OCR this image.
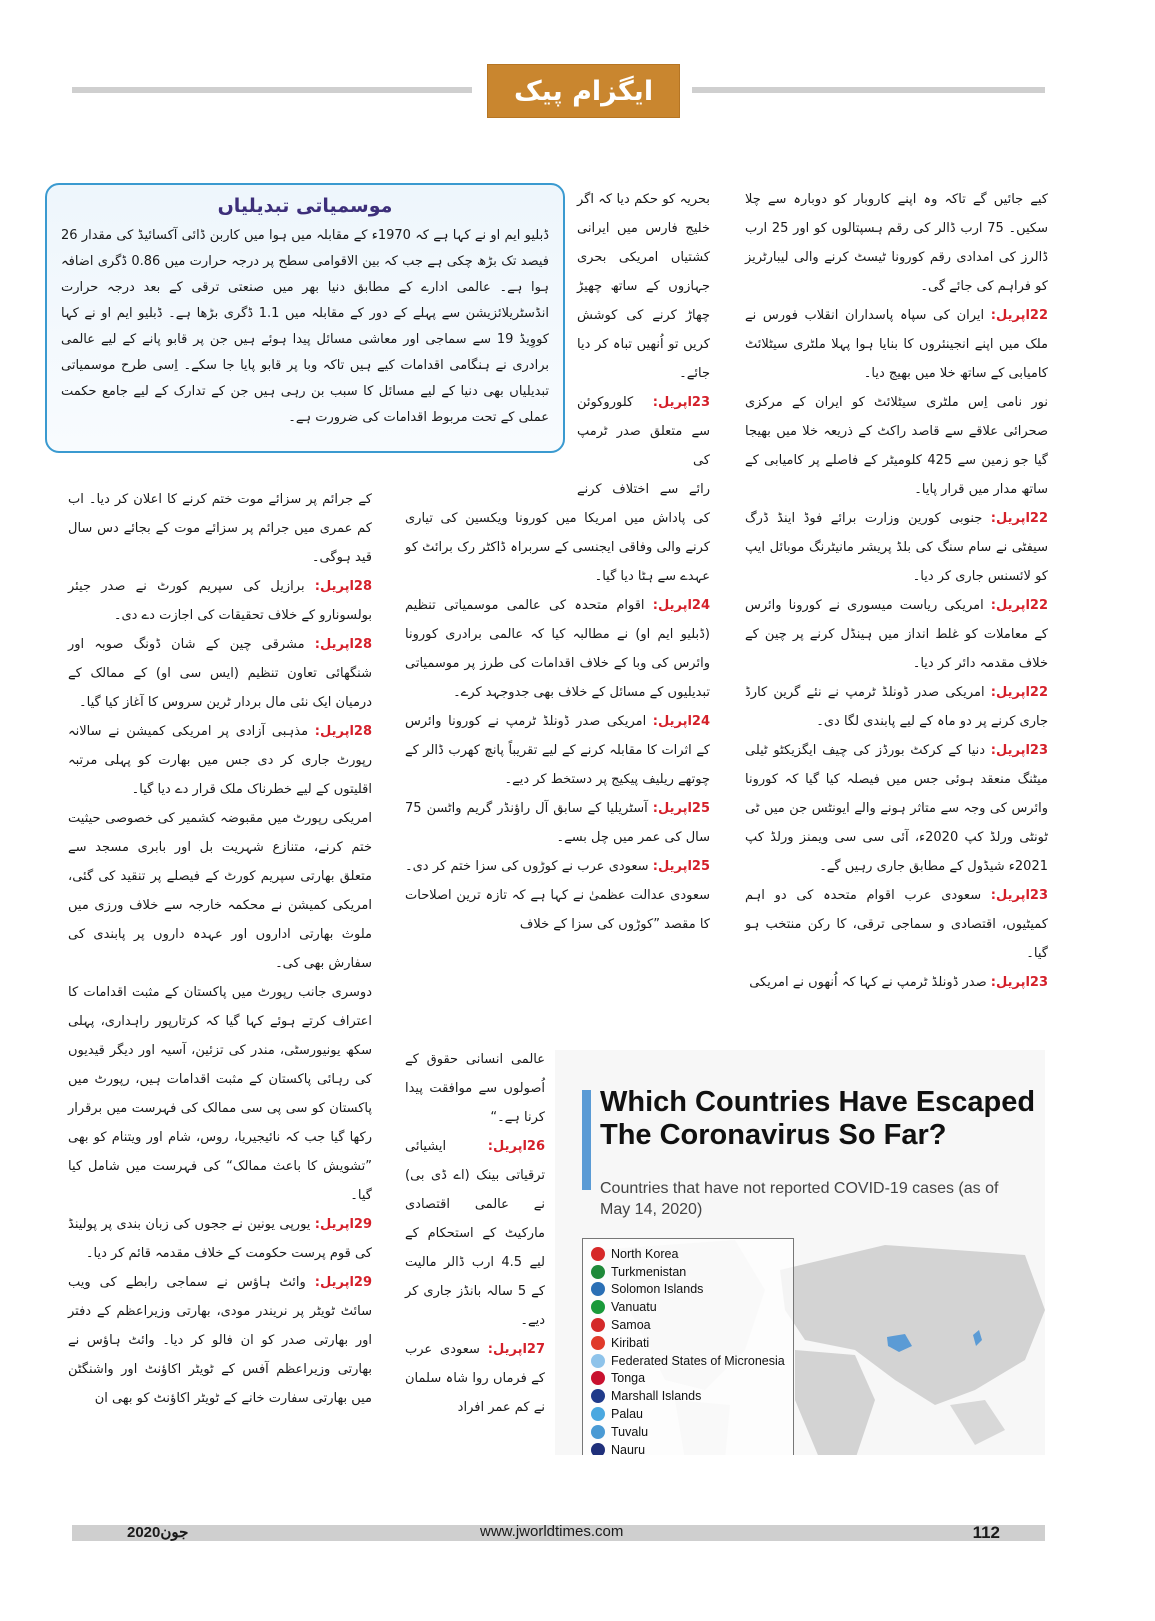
ایگزام پیک

کیے جائیں گے تاکہ وہ اپنے کاروبار کو دوبارہ سے چلا سکیں۔ 75 ارب ڈالر کی رقم ہسپتالوں کو اور 25 ارب ڈالرز کی امدادی رقم کورونا ٹیسٹ کرنے والی لیبارٹریز کو فراہم کی جائے گی۔

22اپریل: ایران کی سپاہ پاسداران انقلاب فورس نے ملک میں اپنے انجینئروں کا بنایا ہوا پہلا ملٹری سیٹلائٹ کامیابی کے ساتھ خلا میں بھیج دیا۔

نور نامی اِس ملٹری سیٹلائٹ کو ایران کے مرکزی صحرائی علاقے سے قاصد راکٹ کے ذریعہ خلا میں بھیجا گیا جو زمین سے 425 کلومیٹر کے فاصلے پر کامیابی کے ساتھ مدار میں قرار پایا۔

22اپریل: جنوبی کورین وزارت برائے فوڈ اینڈ ڈرگ سیفٹی نے سام سنگ کی بلڈ پریشر مانیٹرنگ موبائل ایپ کو لائسنس جاری کر دیا۔

22اپریل: امریکی ریاست میسوری نے کورونا وائرس کے معاملات کو غلط انداز میں ہینڈل کرنے پر چین کے خلاف مقدمہ دائر کر دیا۔

22اپریل: امریکی صدر ڈونلڈ ٹرمپ نے نئے گرین کارڈ جاری کرنے پر دو ماہ کے لیے پابندی لگا دی۔

23اپریل: دنیا کے کرکٹ بورڈز کی چیف ایگزیکٹو ٹیلی میٹنگ منعقد ہوئی جس میں فیصلہ کیا گیا کہ کورونا وائرس کی وجہ سے متاثر ہونے والے ایونٹس جن میں ٹی ٹونٹی ورلڈ کپ 2020ء، آئی سی سی ویمنز ورلڈ کپ 2021ء شیڈول کے مطابق جاری رہیں گے۔

23اپریل: سعودی عرب اقوام متحدہ کی دو اہم کمیٹیوں، اقتصادی و سماجی ترقی، کا رکن منتخب ہو گیا۔

23اپریل: صدر ڈونلڈ ٹرمپ نے کہا کہ اُنھوں نے امریکی

بحریہ کو حکم دیا کہ اگر خلیج فارس میں ایرانی کشتیاں امریکی بحری جہازوں کے ساتھ چھیڑ چھاڑ کرنے کی کوشش کریں تو اُنھیں تباہ کر دیا جائے۔

23اپریل: کلوروکوئن سے متعلق صدر ٹرمپ کی

رائے سے اختلاف کرنے کی پاداش میں امریکا میں کورونا ویکسین کی تیاری کرنے والی وفاقی ایجنسی کے سربراہ ڈاکٹر رک برائٹ کو عہدے سے ہٹا دیا گیا۔

24اپریل: اقوام متحدہ کی عالمی موسمیاتی تنظیم (ڈبلیو ایم او) نے مطالبہ کیا کہ عالمی برادری کورونا وائرس کی وبا کے خلاف اقدامات کی طرز پر موسمیاتی تبدیلیوں کے مسائل کے خلاف بھی جدوجہد کرے۔

24اپریل: امریکی صدر ڈونلڈ ٹرمپ نے کورونا وائرس کے اثرات کا مقابلہ کرنے کے لیے تقریباً پانچ کھرب ڈالر کے چوتھے ریلیف پیکیج پر دستخط کر دیے۔

25اپریل: آسٹریلیا کے سابق آل راؤنڈر گریم واٹسن 75 سال کی عمر میں چل بسے۔

25اپریل: سعودی عرب نے کوڑوں کی سزا ختم کر دی۔ سعودی عدالت عظمیٰ نے کہا ہے کہ تازہ ترین اصلاحات کا مقصد ”کوڑوں کی سزا کے خلاف

عالمی انسانی حقوق کے اُصولوں سے موافقت پیدا کرنا ہے۔“

26اپریل: ایشیائی ترقیاتی بینک (اے ڈی بی) نے عالمی اقتصادی مارکیٹ کے استحکام کے لیے 4.5 ارب ڈالر مالیت کے 5 سالہ بانڈز جاری کر دیے۔

27اپریل: سعودی عرب کے فرماں روا شاہ سلمان نے کم عمر افراد

کے جرائم پر سزائے موت ختم کرنے کا اعلان کر دیا۔ اب کم عمری میں جرائم پر سزائے موت کے بجائے دس سال قید ہوگی۔

28اپریل: برازیل کی سپریم کورٹ نے صدر جیئر بولسونارو کے خلاف تحقیقات کی اجازت دے دی۔

28اپریل: مشرقی چین کے شان ڈونگ صوبہ اور شنگھائی تعاون تنظیم (ایس سی او) کے ممالک کے درمیان ایک نئی مال بردار ٹرین سروس کا آغاز کیا گیا۔

28اپریل: مذہبی آزادی پر امریکی کمیشن نے سالانہ رپورٹ جاری کر دی جس میں بھارت کو پہلی مرتبہ اقلیتوں کے لیے خطرناک ملک قرار دے دیا گیا۔

امریکی رپورٹ میں مقبوضہ کشمیر کی خصوصی حیثیت ختم کرنے، متنازع شہریت بل اور بابری مسجد سے متعلق بھارتی سپریم کورٹ کے فیصلے پر تنقید کی گئی، امریکی کمیشن نے محکمہ خارجہ سے خلاف ورزی میں ملوث بھارتی اداروں اور عہدہ داروں پر پابندی کی سفارش بھی کی۔

دوسری جانب رپورٹ میں پاکستان کے مثبت اقدامات کا اعتراف کرتے ہوئے کہا گیا کہ کرتارپور راہداری، پہلی سکھ یونیورسٹی، مندر کی تزئین، آسیہ اور دیگر قیدیوں کی رہائی پاکستان کے مثبت اقدامات ہیں، رپورٹ میں پاکستان کو سی پی سی ممالک کی فہرست میں برقرار رکھا گیا جب کہ نائیجیریا، روس، شام اور ویتنام کو بھی ”تشویش کا باعث ممالک“ کی فہرست میں شامل کیا گیا۔

29اپریل: یورپی یونین نے ججوں کی زبان بندی پر پولینڈ کی قوم پرست حکومت کے خلاف مقدمہ قائم کر دیا۔

29اپریل: وائٹ ہاؤس نے سماجی رابطے کی ویب سائٹ ٹویٹر پر نریندر مودی، بھارتی وزیراعظم کے دفتر اور بھارتی صدر کو ان فالو کر دیا۔ وائٹ ہاؤس نے بھارتی وزیراعظم آفس کے ٹویٹر اکاؤنٹ اور واشنگٹن میں بھارتی سفارت خانے کے ٹویٹر اکاؤنٹ کو بھی ان

موسمیاتی تبدیلیاں

ڈبلیو ایم او نے کہا ہے کہ 1970ء کے مقابلہ میں ہوا میں کاربن ڈائی آکسائیڈ کی مقدار 26 فیصد تک بڑھ چکی ہے جب کہ بین الاقوامی سطح پر درجہ حرارت میں 0.86 ڈگری اضافہ ہوا ہے۔ عالمی ادارے کے مطابق دنیا بھر میں صنعتی ترقی کے بعد درجہ حرارت انڈسٹریلائزیشن سے پہلے کے دور کے مقابلہ میں 1.1 ڈگری بڑھا ہے۔ ڈبلیو ایم او نے کہا کووِیڈ 19 سے سماجی اور معاشی مسائل پیدا ہوئے ہیں جن پر قابو پانے کے لیے عالمی برادری نے ہنگامی اقدامات کیے ہیں تاکہ وبا پر قابو پایا جا سکے۔ اِسی طرح موسمیاتی تبدیلیاں بھی دنیا کے لیے مسائل کا سبب بن رہی ہیں جن کے تدارک کے لیے جامع حکمت عملی کے تحت مربوط اقدامات کی ضرورت ہے۔

Which Countries Have Escaped The Coronavirus So Far?
Countries that have not reported COVID-19 cases (as of May 14, 2020)
North Korea
Turkmenistan
Solomon Islands
Vanuatu
Samoa
Kiribati
Federated States of Micronesia
Tonga
Marshall Islands
Palau
Tuvalu
Nauru
جون2020	www.jworldtimes.com	112
